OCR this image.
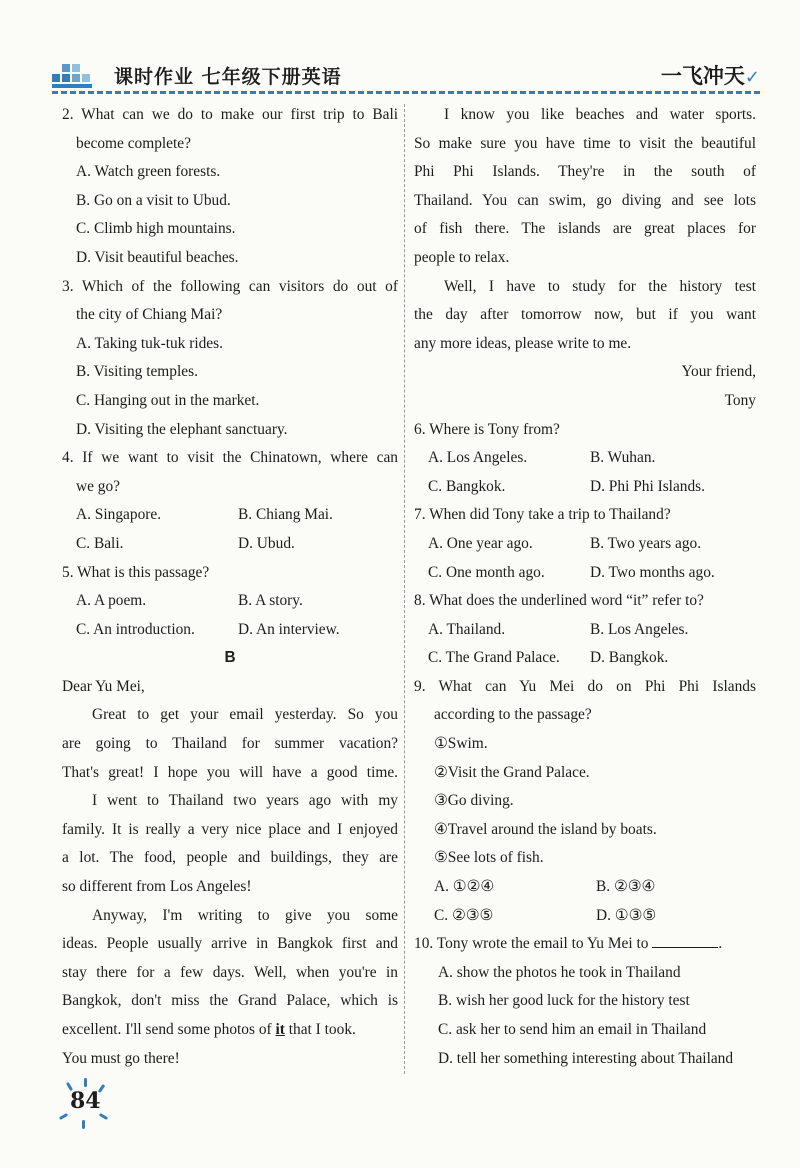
课时作业 七年级下册英语	一飞冲天✓
2. What can we do to make our first trip to Bali
become complete?
A. Watch green forests.
B. Go on a visit to Ubud.
C. Climb high mountains.
D. Visit beautiful beaches.
3. Which of the following can visitors do out of
the city of Chiang Mai?
A. Taking tuk-tuk rides.
B. Visiting temples.
C. Hanging out in the market.
D. Visiting the elephant sanctuary.
4. If we want to visit the Chinatown, where can
we go?
A. Singapore.	B. Chiang Mai.
C. Bali.	D. Ubud.
5. What is this passage?
A. A poem.	B. A story.
C. An introduction.	D. An interview.
B
Dear Yu Mei,
Great to get your email yesterday. So you
are going to Thailand for summer vacation?
That's great! I hope you will have a good time.
I went to Thailand two years ago with my
family. It is really a very nice place and I enjoyed
a lot. The food, people and buildings, they are
so different from Los Angeles!
Anyway, I'm writing to give you some
ideas. People usually arrive in Bangkok first and
stay there for a few days. Well, when you're in
Bangkok, don't miss the Grand Palace, which is
excellent. I'll send some photos of it that I took.
You must go there!
I know you like beaches and water sports.
So make sure you have time to visit the beautiful
Phi Phi Islands. They're in the south of
Thailand. You can swim, go diving and see lots
of fish there. The islands are great places for
people to relax.
Well, I have to study for the history test
the day after tomorrow now, but if you want
any more ideas, please write to me.
Your friend,
Tony
6. Where is Tony from?
A. Los Angeles.	B. Wuhan.
C. Bangkok.	D. Phi Phi Islands.
7. When did Tony take a trip to Thailand?
A. One year ago.	B. Two years ago.
C. One month ago.	D. Two months ago.
8. What does the underlined word “it” refer to?
A. Thailand.	B. Los Angeles.
C. The Grand Palace.	D. Bangkok.
9. What can Yu Mei do on Phi Phi Islands
according to the passage?
①Swim.
②Visit the Grand Palace.
③Go diving.
④Travel around the island by boats.
⑤See lots of fish.
A. ①②④	B. ②③④
C. ②③⑤	D. ①③⑤
10. Tony wrote the email to Yu Mei to	.
A. show the photos he took in Thailand
B. wish her good luck for the history test
C. ask her to send him an email in Thailand
D. tell her something interesting about Thailand
84
